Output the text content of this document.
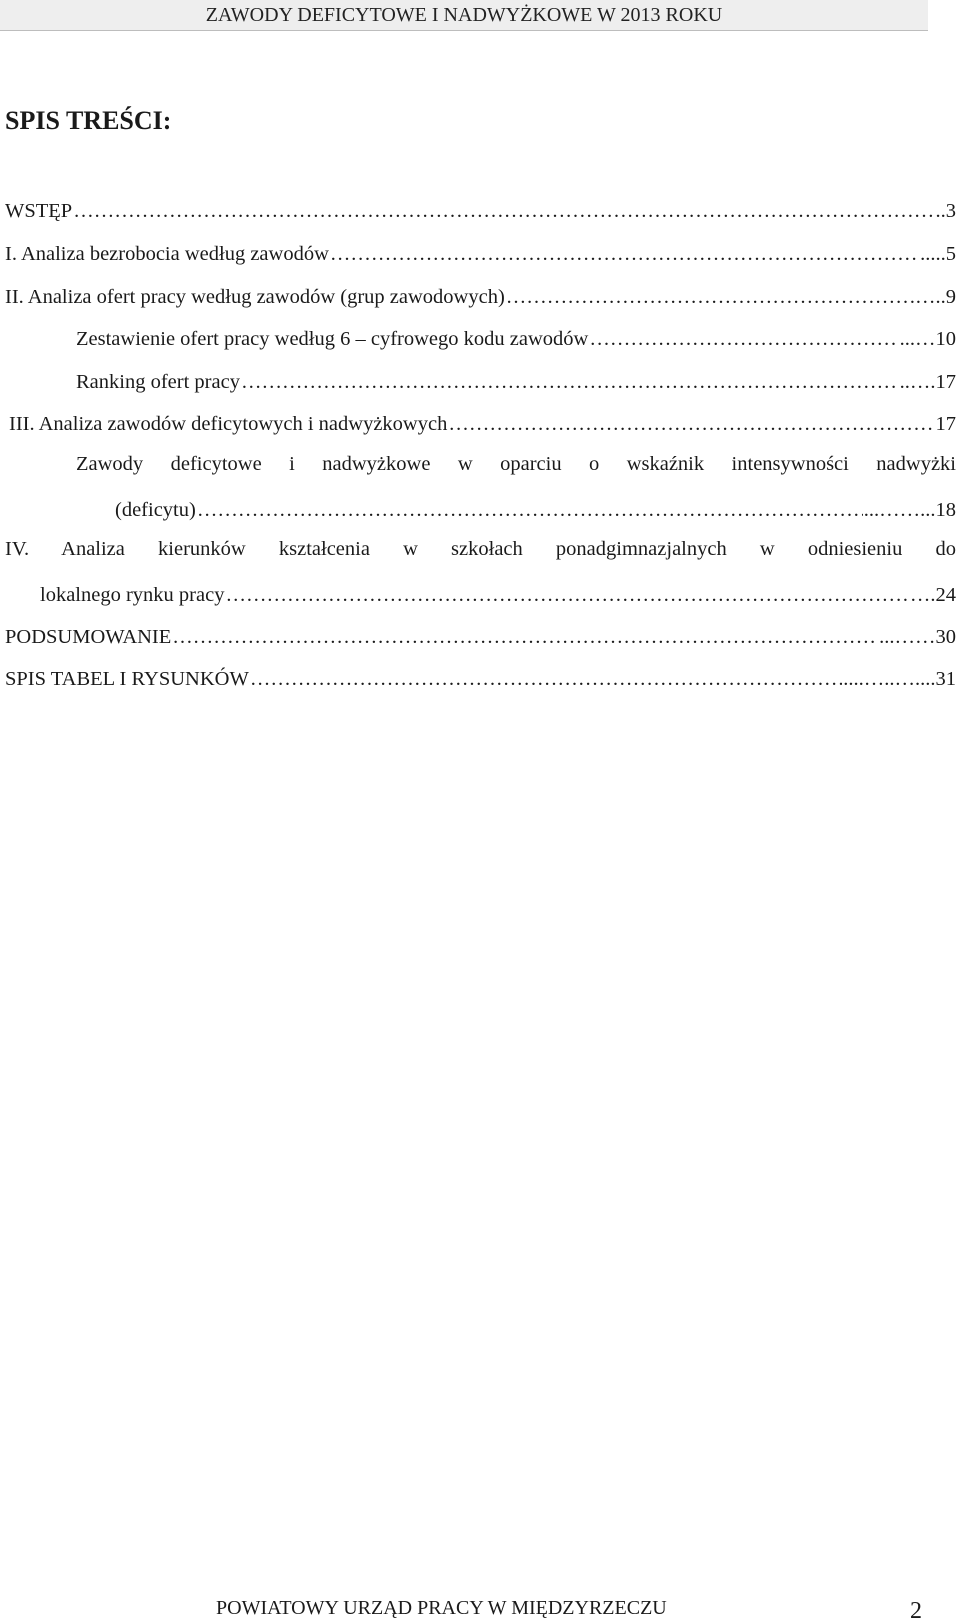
ZAWODY DEFICYTOWE I NADWYŻKOWE W 2013 ROKU
SPIS TREŚCI:
WSTĘP ………………………………………………………………………………………………………………………………………………………………………	..3
I. Analiza bezrobocia według zawodów ………………………………………………………………………………………………………………………………………………………………………	.....5
II. Analiza ofert pracy według zawodów (grup zawodowych) ………………………………………………………………………………………………………………………………………………………………………	…..9
Zestawienie ofert pracy według 6 – cyfrowego kodu zawodów ………………………………………………………………………………………………………………………………………………………………………	...…10
Ranking ofert pracy ………………………………………………………………………………………………………………………………………………………………………	..….17
III. Analiza zawodów deficytowych i nadwyżkowych ………………………………………………………………………………………………………………………………………………………………………	17
Zawody deficytowe i nadwyżkowe w oparciu o wskaźnik intensywności nadwyżki
(deficytu) ………………………………………………………………………………………………………………………………………………………………………	...……...18
IV. Analiza kierunków kształcenia w szkołach ponadgimnazjalnych w odniesieniu do
lokalnego rynku pracy ………………………………………………………………………………………………………………………………………………………………………	….24
PODSUMOWANIE ………………………………………………………………………………………………………………………………………………………………………	...……30
SPIS TABEL I RYSUNKÓW ………………………………………………………………………………………………………………………………………………………………………	....…..…....31
POWIATOWY URZĄD PRACY W MIĘDZYRZECZU	2
